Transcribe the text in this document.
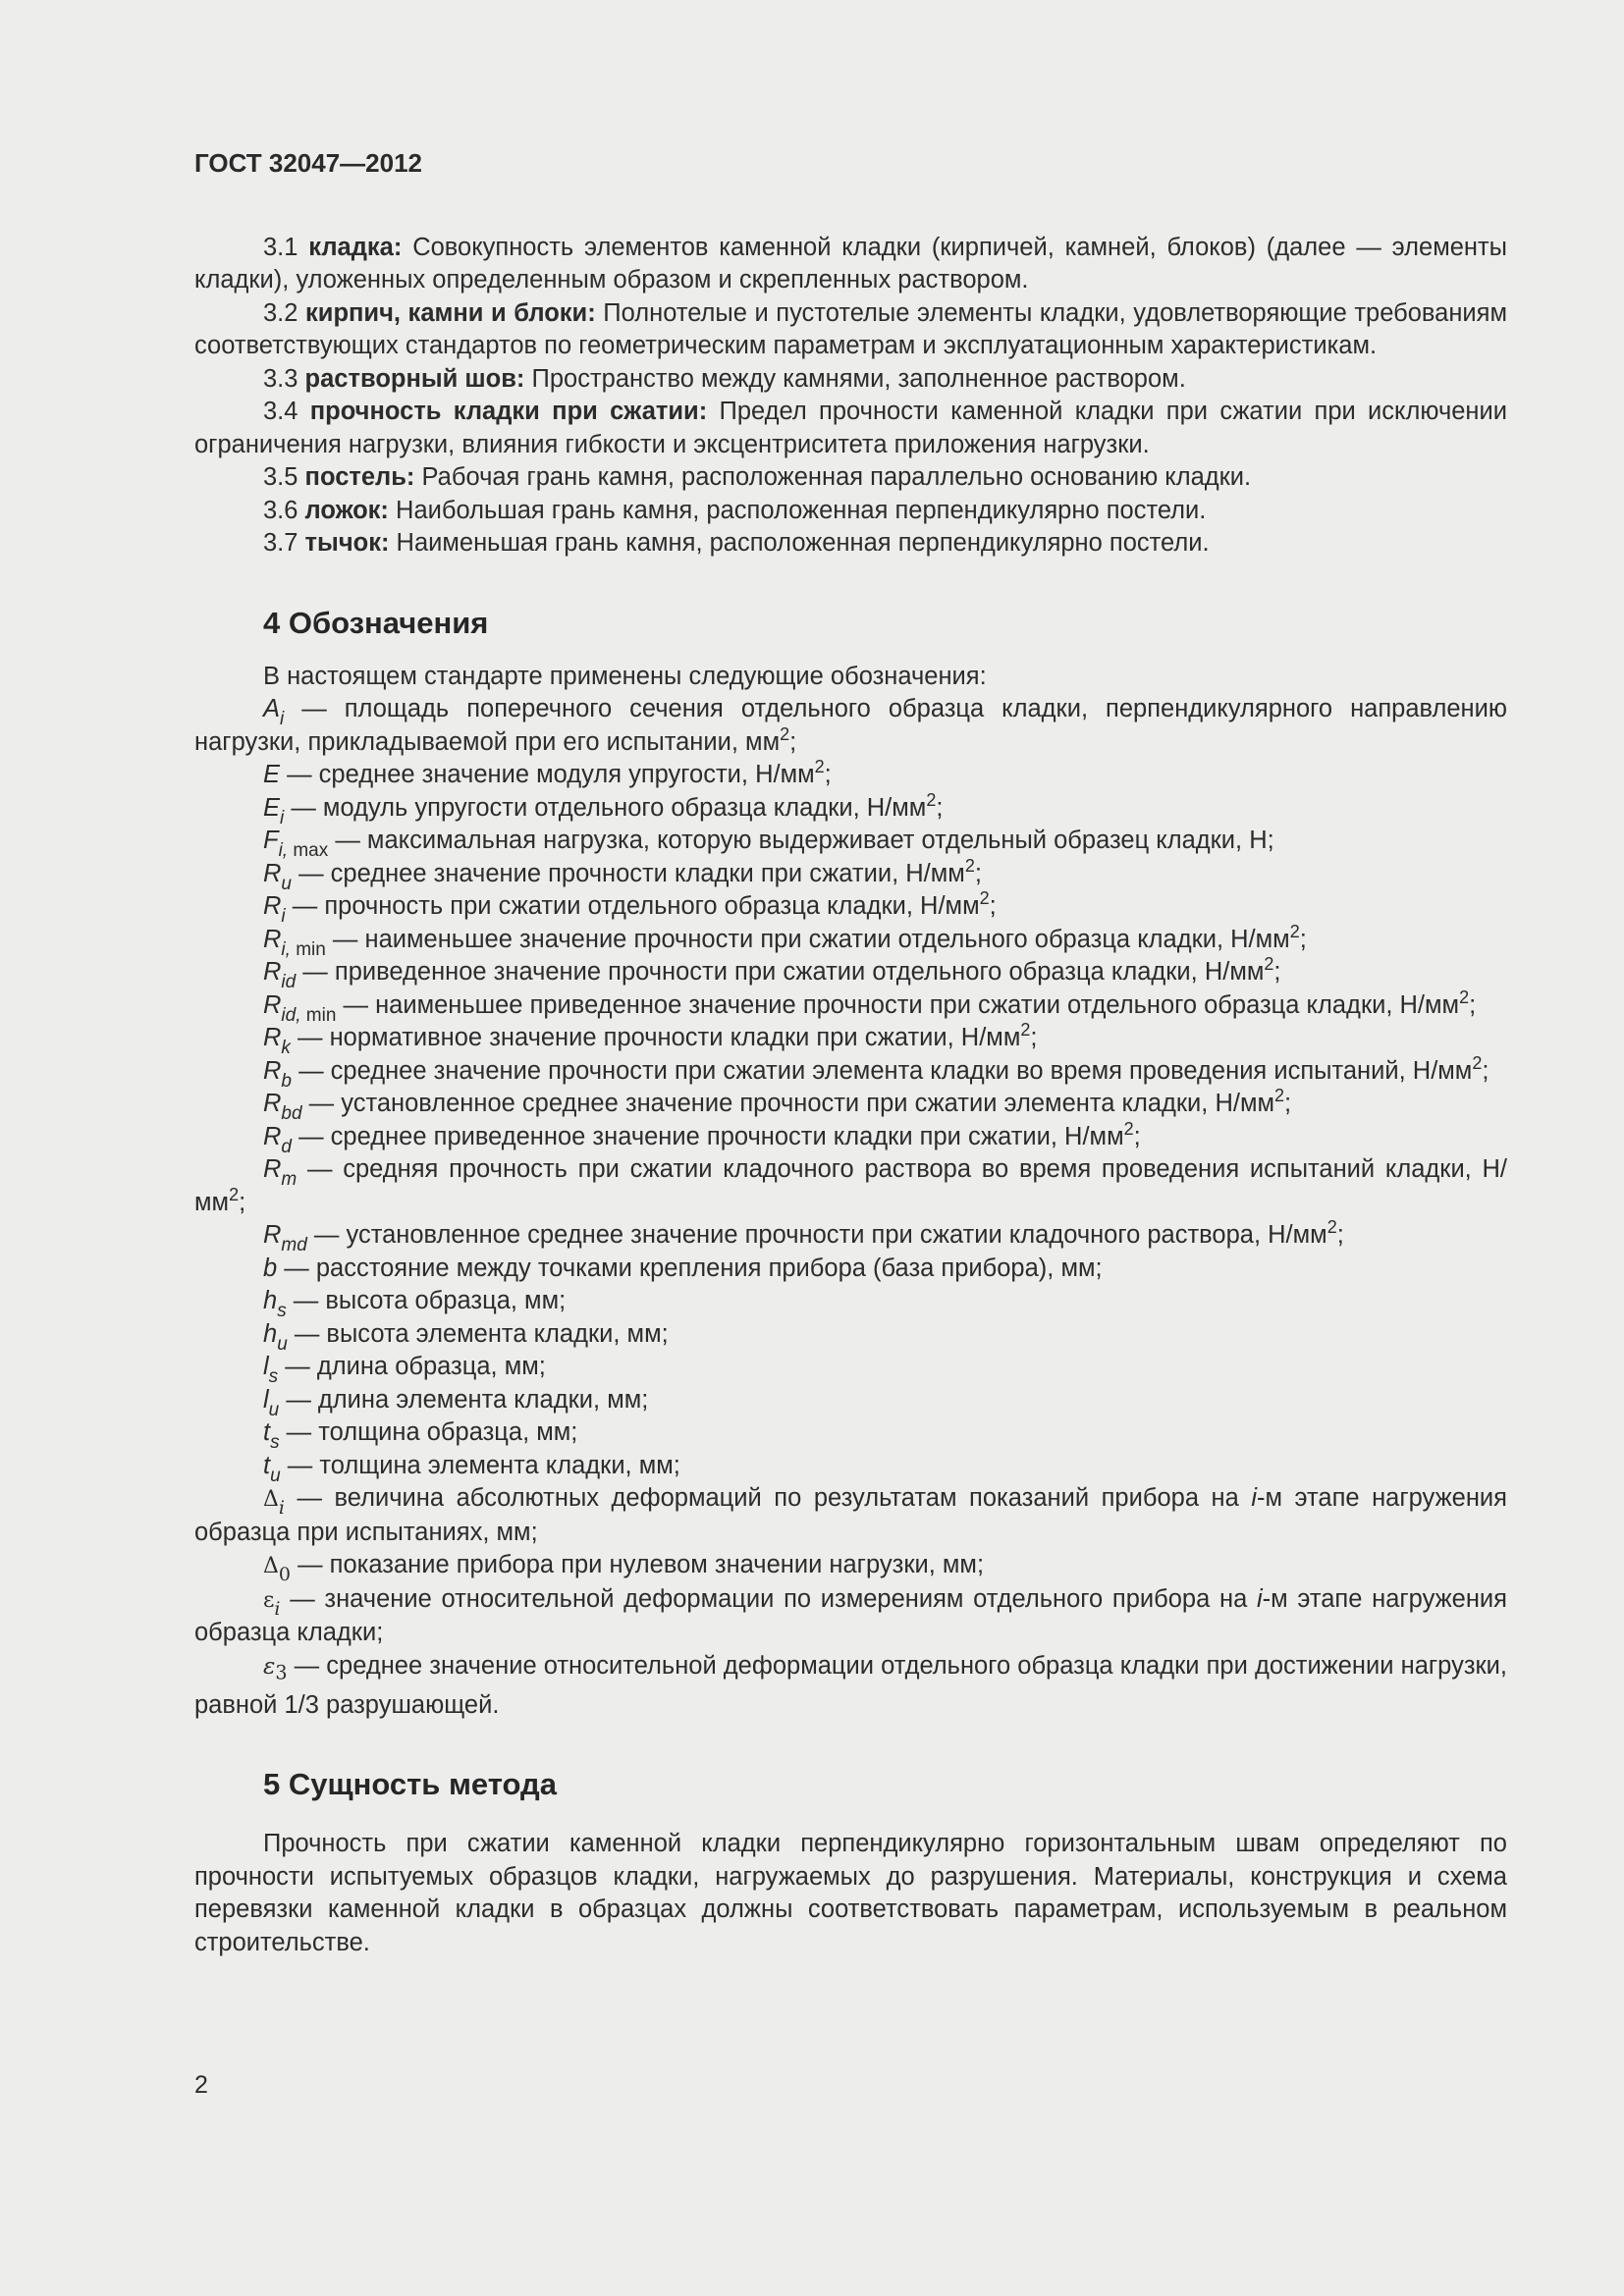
ГОСТ 32047—2012

3.1 кладка: Совокупность элементов каменной кладки (кирпичей, камней, блоков) (далее — элементы кладки), уложенных определенным образом и скрепленных раствором.

3.2 кирпич, камни и блоки: Полнотелые и пустотелые элементы кладки, удовлетворяющие требованиям соответствующих стандартов по геометрическим параметрам и эксплуатационным характеристикам.

3.3 растворный шов: Пространство между камнями, заполненное раствором.

3.4 прочность кладки при сжатии: Предел прочности каменной кладки при сжатии при исключении ограничения нагрузки, влияния гибкости и эксцентриситета приложения нагрузки.

3.5 постель: Рабочая грань камня, расположенная параллельно основанию кладки.

3.6 ложок: Наибольшая грань камня, расположенная перпендикулярно постели.

3.7 тычок: Наименьшая грань камня, расположенная перпендикулярно постели.

4 Обозначения

В настоящем стандарте применены следующие обозначения:

$A_i$ — площадь поперечного сечения отдельного образца кладки, перпендикулярного направлению нагрузки, прикладываемой при его испытании, $мм^2$;

E — среднее значение модуля упругости, $Н/мм^2$;

$E_i$ — модуль упругости отдельного образца кладки, $Н/мм^2$;

$F_{i, max}$ — максимальная нагрузка, которую выдерживает отдельный образец кладки, Н;

$R_u$ — среднее значение прочности кладки при сжатии, $Н/мм^2$;

$R_i$ — прочность при сжатии отдельного образца кладки, $Н/мм^2$;

$R_{i, min}$ — наименьшее значение прочности при сжатии отдельного образца кладки, $Н/мм^2$;

$R_{id}$ — приведенное значение прочности при сжатии отдельного образца кладки, $Н/мм^2$;

$R_{id, min}$ — наименьшее приведенное значение прочности при сжатии отдельного образца кладки, $Н/мм^2$;

$R_k$ — нормативное значение прочности кладки при сжатии, $Н/мм^2$;

$R_b$ — среднее значение прочности при сжатии элемента кладки во время проведения испытаний, $Н/мм^2$;

$R_{bd}$ — установленное среднее значение прочности при сжатии элемента кладки, $Н/мм^2$;

$R_d$ — среднее приведенное значение прочности кладки при сжатии, $Н/мм^2$;

$R_m$ — средняя прочность при сжатии кладочного раствора во время проведения испытаний кладки, $Н/мм^2$;

$R_{md}$ — установленное среднее значение прочности при сжатии кладочного раствора, $Н/мм^2$;

b — расстояние между точками крепления прибора (база прибора), мм;

$h_s$ — высота образца, мм;

$h_u$ — высота элемента кладки, мм;

$l_s$ — длина образца, мм;

$l_u$ — длина элемента кладки, мм;

$t_s$ — толщина образца, мм;

$t_u$ — толщина элемента кладки, мм;

$\Delta_i$ — величина абсолютных деформаций по результатам показаний прибора на i-м этапе нагружения образца при испытаниях, мм;

$\Delta_0$ — показание прибора при нулевом значении нагрузки, мм;

$\varepsilon_i$ — значение относительной деформации по измерениям отдельного прибора на i-м этапе нагружения образца кладки;

$\varepsilon_3$ — среднее значение относительной деформации отдельного образца кладки при достижении нагрузки, равной 1/3 разрушающей.

5 Сущность метода

Прочность при сжатии каменной кладки перпендикулярно горизонтальным швам определяют по прочности испытуемых образцов кладки, нагружаемых до разрушения. Материалы, конструкция и схема перевязки каменной кладки в образцах должны соответствовать параметрам, используемым в реальном строительстве.

2
